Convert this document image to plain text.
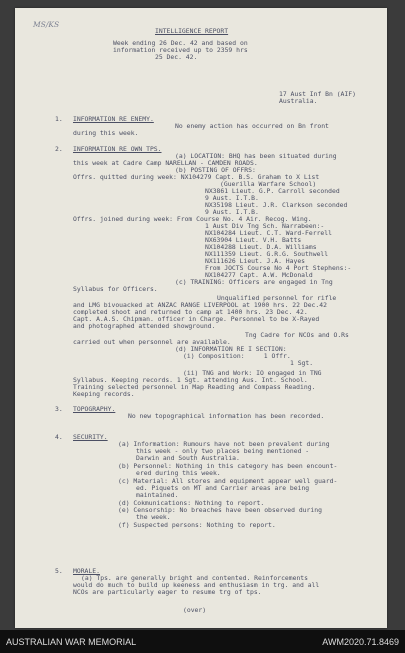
MS/KS
INTELLIGENCE REPORT
Week ending 26 Dec. 42 and based on
information received up to 2359 hrs
25 Dec. 42.
17 Aust Inf Bn (AIF)
Australia.
1. INFORMATION RE ENEMY.
No enemy action has occurred on Bn front
during this week.
2. INFORMATION RE OWN TPS.
(a) LOCATION: BHQ has been situated during
this week at Cadre Camp NARELLAN - CAMDEN ROADS.
(b) POSTING OF OFFRS:
Offrs. quitted during week: NX104279 Capt. B.S. Graham to X List
(Guerilla Warfare School)
NX3861 Lieut. G.P. Carroll seconded
9 Aust. I.T.B.
NX35198 Lieut. J.R. Clarkson seconded
9 Aust. I.T.B.
Offrs. joined during week: From Course No. 4 Air. Recog. Wing.
1 Aust Div Tng Sch. Narrabeen:-
NX104284 Lieut. C.T. Ward-Ferrell
NX63904 Lieut. V.H. Batts
NX104288 Lieut. D.A. Williams
NX111359 Lieut. G.R.G. Southwell
NX111626 Lieut. J.A. Hayes
From JOCTS Course No 4 Port Stephens:-
NX104277 Capt. A.W. McDonald
(c) TRAINING: Officers are engaged in Tng
Syllabus for Officers.
Unqualified personnel for rifle
and LMG bivouacked at ANZAC RANGE LIVERPOOL at 1900 hrs. 22 Dec.42
completed shoot and returned to camp at 1400 hrs. 23 Dec. 42.
Capt. A.A.S. Chipman. officer in Charge. Personnel to be X-Rayed
and photographed attended showground.
Tng Cadre for NCOs and O.Rs
carried out when personnel are available.
(d) INFORMATION RE I SECTION:
(i) Composition:     1 Offr.
1 Sgt.
(ii) TNG and Work: IO engaged in TNG
Syllabus. Keeping records. 1 Sgt. attending Aus. Int. School.
Training selected personnel in Map Reading and Compass Reading.
Keeping records.
3. TOPOGRAPHY.
No new topographical information has been recorded.
4. SECURITY.
(a) Information: Rumours have not been prevalent during
this week - only two places being mentioned -
Darwin and South Australia.
(b) Personnel: Nothing in this category has been encount-
ered during this week.
(c) Material: All stores and equipment appear well guard-
ed. Piquets on MT and Carrier areas are being
maintained.
(d) Cokmunications: Nothing to report.
(e) Censorship: No breaches have been observed during
the week.
(f) Suspected persons: Nothing to report.
5. MORALE.
(a) Tps. are generally bright and contented. Reinforcements
would do much to build up keeness and enthusiasm in trg. and all
NCOs are particularly eager to resume trg of tps.
(over)
AUSTRALIAN WAR MEMORIAL	AWM2020.71.8469
